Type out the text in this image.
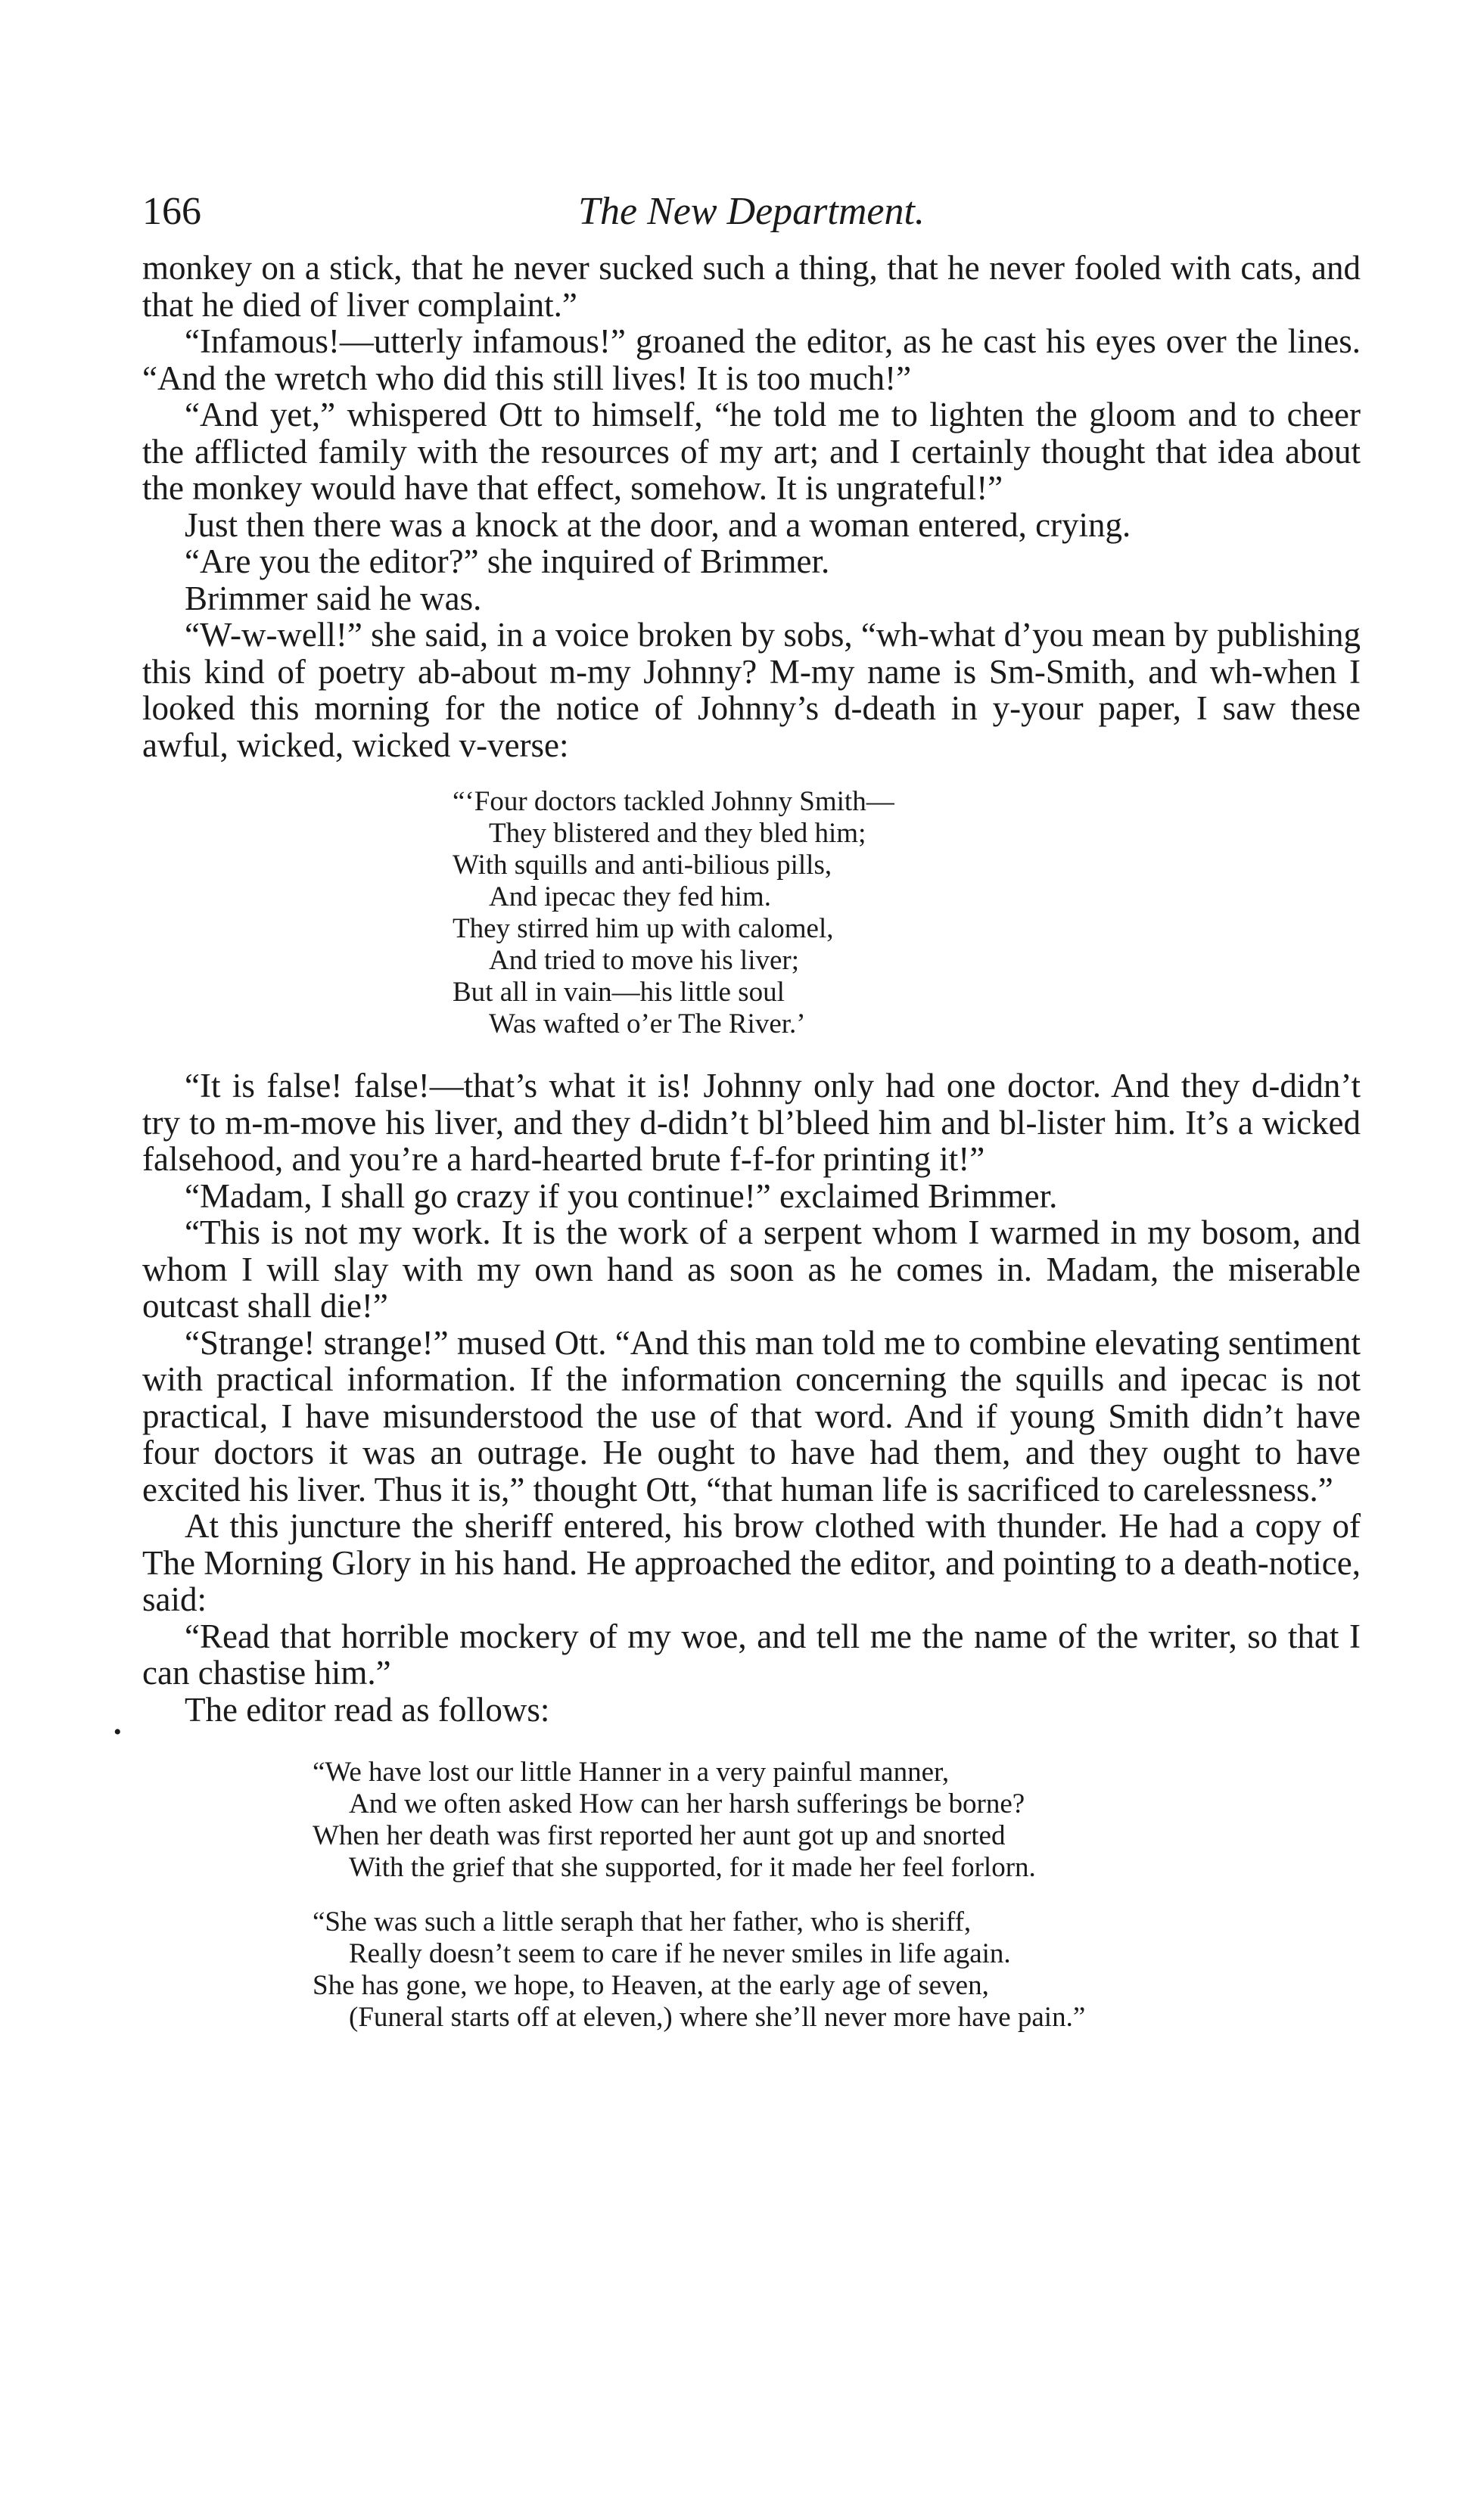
166	The New Department.
•

monkey on a stick, that he never sucked such a thing, that he never fooled with cats, and that he died of liver complaint.”

“Infamous!—utterly infamous!” groaned the editor, as he cast his eyes over the lines. “And the wretch who did this still lives! It is too much!”

“And yet,” whispered Ott to himself, “he told me to lighten the gloom and to cheer the afflicted family with the resources of my art; and I certainly thought that idea about the monkey would have that effect, somehow. It is ungrateful!”

Just then there was a knock at the door, and a woman entered, crying.

“Are you the editor?” she inquired of Brimmer.

Brimmer said he was.

“W-w-well!” she said, in a voice broken by sobs, “wh-what d’you mean by publishing this kind of poetry ab-about m-my Johnny? M-my name is Sm-Smith, and wh-when I looked this morning for the notice of Johnny’s d-death in y-your paper, I saw these awful, wicked, wicked v-verse:

“‘Four doctors tackled Johnny Smith—
They blistered and they bled him;
With squills and anti-bilious pills,
And ipecac they fed him.
They stirred him up with calomel,
And tried to move his liver;
But all in vain—his little soul
Was wafted o’er The River.’

“It is false! false!—that’s what it is! Johnny only had one doctor. And they d-didn’t try to m-m-move his liver, and they d-didn’t bl’bleed him and bl-lister him. It’s a wicked falsehood, and you’re a hard-hearted brute f-f-for printing it!”

“Madam, I shall go crazy if you continue!” exclaimed Brimmer.

“This is not my work. It is the work of a serpent whom I warmed in my bosom, and whom I will slay with my own hand as soon as he comes in. Madam, the miserable outcast shall die!”

“Strange! strange!” mused Ott. “And this man told me to combine elevating sentiment with practical information. If the information concerning the squills and ipecac is not practical, I have misunderstood the use of that word. And if young Smith didn’t have four doctors it was an outrage. He ought to have had them, and they ought to have excited his liver. Thus it is,” thought Ott, “that human life is sacrificed to carelessness.”

At this juncture the sheriff entered, his brow clothed with thunder. He had a copy of The Morning Glory in his hand. He approached the editor, and pointing to a death-notice, said:

“Read that horrible mockery of my woe, and tell me the name of the writer, so that I can chastise him.”

The editor read as follows:

“We have lost our little Hanner in a very painful manner,
And we often asked How can her harsh sufferings be borne?
When her death was first reported her aunt got up and snorted
With the grief that she supported, for it made her feel forlorn.
“She was such a little seraph that her father, who is sheriff,
Really doesn’t seem to care if he never smiles in life again.
She has gone, we hope, to Heaven, at the early age of seven,
(Funeral starts off at eleven,) where she’ll never more have pain.”
